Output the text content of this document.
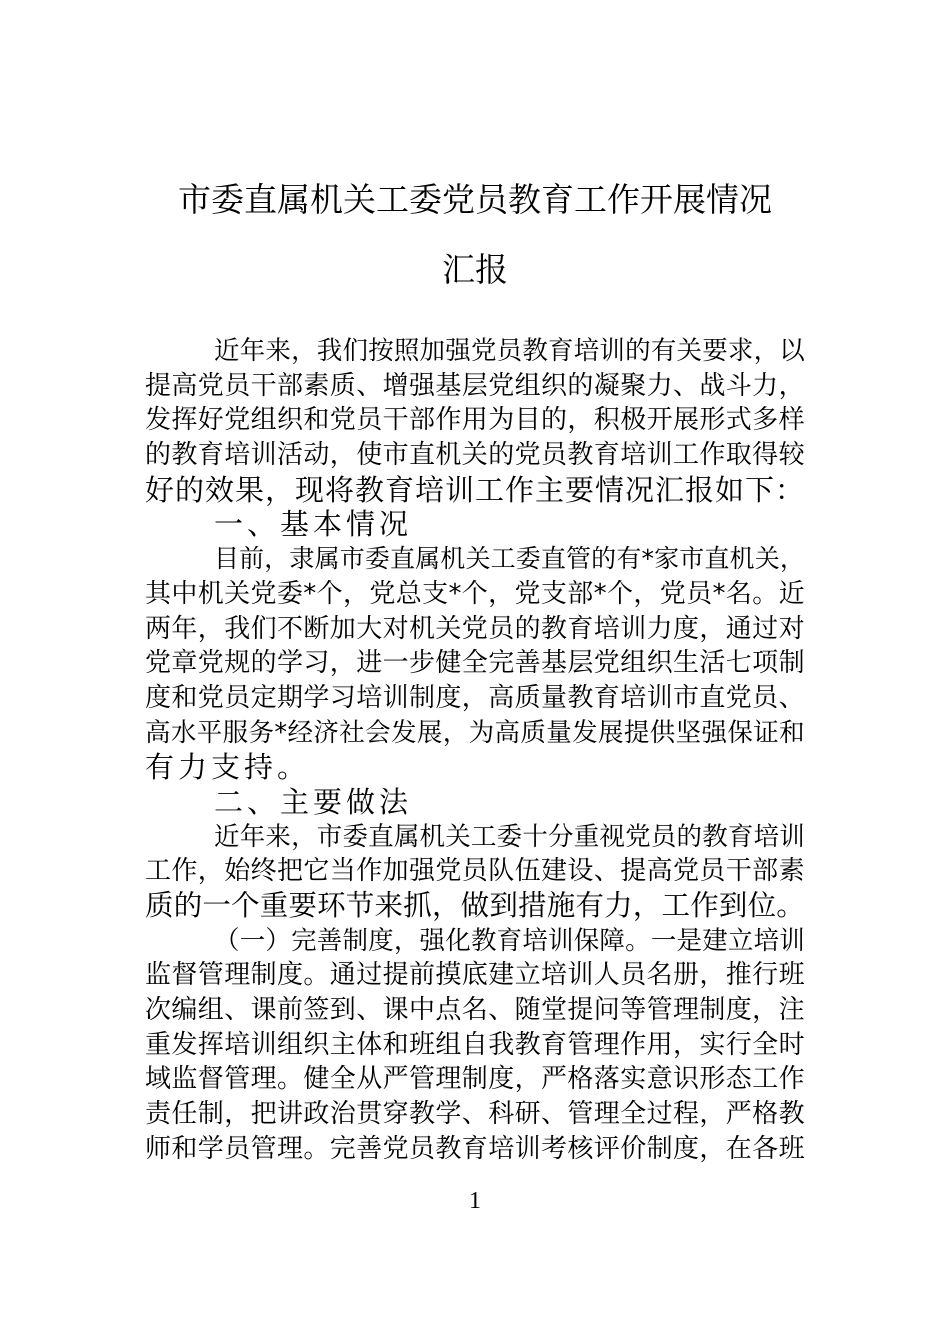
市委直属机关工委党员教育工作开展情况
汇报
近年来，我们按照加强党员教育培训的有关要求，以
提高党员干部素质、增强基层党组织的凝聚力、战斗力，
发挥好党组织和党员干部作用为目的，积极开展形式多样
的教育培训活动，使市直机关的党员教育培训工作取得较
好的效果，现将教育培训工作主要情况汇报如下：
一、基本情况
目前，隶属市委直属机关工委直管的有*家市直机关，
其中机关党委*个，党总支*个，党支部*个，党员*名。近
两年，我们不断加大对机关党员的教育培训力度，通过对
党章党规的学习，进一步健全完善基层党组织生活七项制
度和党员定期学习培训制度，高质量教育培训市直党员、
高水平服务*经济社会发展，为高质量发展提供坚强保证和
有力支持。
二、主要做法
近年来，市委直属机关工委十分重视党员的教育培训
工作，始终把它当作加强党员队伍建设、提高党员干部素
质的一个重要环节来抓，做到措施有力，工作到位。
（一）完善制度，强化教育培训保障。一是建立培训
监督管理制度。通过提前摸底建立培训人员名册，推行班
次编组、课前签到、课中点名、随堂提问等管理制度，注
重发挥培训组织主体和班组自我教育管理作用，实行全时
域监督管理。健全从严管理制度，严格落实意识形态工作
责任制，把讲政治贯穿教学、科研、管理全过程，严格教
师和学员管理。完善党员教育培训考核评价制度，在各班
1
